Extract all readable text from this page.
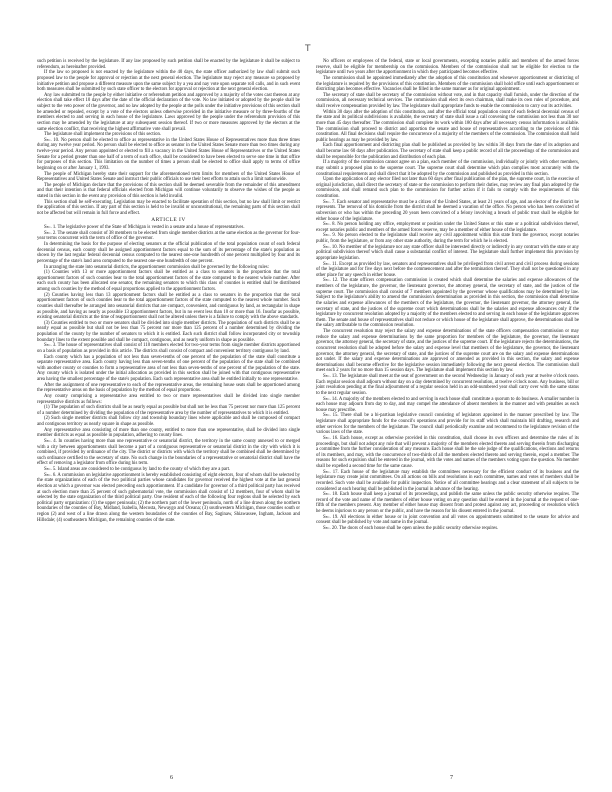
T

such petition is received by the legislature. If any law proposed by such petition shall be enacted by the legislature it shall be subject to referendum, as hereinafter provided.

If the law so proposed is not enacted by the legislature within the 40 days, the state officer authorized by law shall submit such proposed law to the people for approval or rejection at the next general election. The legislature may reject any measure so proposed by initiative petition and propose a different measure upon the same subject by a yea and nay vote upon separate roll calls, and in such event both measures shall be submitted by such state officer to the electors for approval or rejection at the next general election.

Any law submitted to the people by either initiative or referendum petition and approved by a majority of the votes cast thereon at any election shall take effect 10 days after the date of the official declaration of the vote. No law initiated or adopted by the people shall be subject to the veto power of the governor, and no law adopted by the people at the polls under the initiative provisions of this section shall be amended or repealed, except by a vote of the electors unless otherwise provided in the initiative measure or by three-fourths of the members elected to and serving in each house of the legislature. Laws approved by the people under the referendum provision of this section may be amended by the legislature at any subsequent session thereof. If two or more measures approved by the electors at the same election conflict, that receiving the highest affirmative vote shall prevail.

The legislature shall implement the provisions of this section.

Sec. 10. No person shall be elected to office as representative in the United States House of Representatives more than three times during any twelve year period. No person shall be elected to office as senator in the United States Senate more than two times during any twelve-year period. Any person appointed or elected to fill a vacancy in the United States House of Representatives or the United States Senate for a period greater than one half of a term of such office, shall be considered to have been elected to serve one time in that office for purposes of this section. This limitation on the number of times a person shall be elected to office shall apply to terms of office beginning on or after January 1, 1993.

The people of Michigan hereby state their support for the aforementioned term limits for members of the United States House of Representatives and United States Senate and instruct their public officials to use their best efforts to attain such a limit nationwide.

The people of Michigan declare that the provisions of this section shall be deemed severable from the remainder of this amendment and that their intention is that federal officials elected from Michigan will continue voluntarily to observe the wishes of the people as stated in this section in the event any provision of this section is held invalid.

This section shall be self-executing. Legislation may be enacted to facilitate operation of this section, but no law shall limit or restrict the application of this section. If any part of this section is held to be invalid or unconstitutional, the remaining parts of this section shall not be affected but will remain in full force and effect.

ARTICLE IV

Sec. 1. The legislative power of the State of Michigan is vested in a senate and a house of representatives.

Sec. 2. The senate shall consist of 38 members to be elected from single member districts at the same election as the governor for four-year terms concurrent with the term of office of the governor.

In determining the basis for the purpose of electing senators at the official publication of the total population count of each federal decennial census, each county shall be assigned apportionment factors equal to the sum of its percentage of the state's population as shown by the last regular federal decennial census computed to the nearest one-one hundredth of one percent multiplied by four and its percentage of the state's land area computed to the nearest one-one hundredth of one percent.

In arranging the state into senatorial districts, the apportionment commission shall be governed by the following rules:

(1) Counties with 13 or more apportionment factors shall be entitled as a class to senators in the proportion that the total apportionment factors of such counties bear to the total apportionment factors of the state computed to the nearest whole number. After each such county has been allocated one senator, the remaining senators to which this class of counties is entitled shall be distributed among such counties by the method of equal proportions applied to the apportionment factors.

(2) Counties having less than 13 apportionment factors shall be entitled as a class to senators in the proportion that the total apportionment factors of such counties bear to the total apportionment factors of the state computed to the nearest whole number. Such counties shall thereafter be arranged into senatorial districts that are compact, convenient, and contiguous by land, as rectangular in shape as possible, and having as nearly as possible 13 apportionment factors, but in no event less than 10 or more than 16. Insofar as possible, existing senatorial districts at the time of reapportionment shall not be altered unless there is a failure to comply with the above standards.

(3) Counties entitled to two or more senators shall be divided into single member districts. The population of such districts shall be as nearly equal as possible but shall not be less than 75 percent nor more than 125 percent of a number determined by dividing the population of the county by the number of senators to which it is entitled. Each such district shall follow incorporated city or township boundary lines to the extent possible and shall be compact, contiguous, and as nearly uniform in shape as possible.

Sec. 3. The house of representatives shall consist of 110 members elected for two-year terms from single member districts apportioned on a basis of population as provided in this article. The districts shall consist of compact and convenient territory contiguous by land.

Each county which has a population of not less than seven-tenths of one percent of the population of the state shall constitute a separate representative area. Each county having less than seven-tenths of one percent of the population of the state shall be combined with another county or counties to form a representative area of not less than seven-tenths of one percent of the population of the state. Any county which is isolated under the initial allocation as provided in this section shall be joined with that contiguous representative area having the smallest percentage of the state's population. Each such representative area shall be entitled initially to one representative.

After the assignment of one representative to each of the representative areas, the remaining house seats shall be apportioned among the representative areas on the basis of population by the method of equal proportions.

Any county comprising a representative area entitled to two or more representatives shall be divided into single member representative districts as follows:

(1) The population of such districts shall be as nearly equal as possible but shall not be less than 75 percent nor more than 125 percent of a number determined by dividing the population of the representative area by the number of representatives to which it is entitled.

(2) Such single member districts shall follow city and township boundary lines where applicable and shall be composed of compact and contiguous territory as nearly square in shape as possible.

Any representative area consisting of more than one county, entitled to more than one representative, shall be divided into single member districts as equal as possible in population, adhering to county lines.

Sec. 4. In counties having more than one representative or senatorial district, the territory in the same county annexed to or merged with a city between apportionments shall become a part of a contiguous representative or senatorial district in the city with which it is combined, if provided by ordinance of the city. The district or districts with which the territory shall be combined shall be determined by such ordinance certified to the secretary of state. No such change in the boundaries of a representative or senatorial district shall have the effect of removing a legislator from office during his term.

Sec. 5. Island areas are considered to be contiguous by land to the county of which they are a part.

Sec. 6. A commission on legislative apportionment is hereby established consisting of eight electors, four of whom shall be selected by the state organizations of each of the two political parties whose candidates for governor received the highest vote at the last general election at which a governor was elected preceding each apportionment. If a candidate for governor of a third political party has received at such election more than 25 percent of such gubernatorial vote, the commission shall consist of 12 members, four of whom shall be selected by the state organization of the third political party. One resident of each of the following four regions shall be selected by each political party organization: (1) the upper peninsula; (2) the northern part of the lower peninsula, north of a line drawn along the northern boundaries of the counties of Bay, Midland, Isabella, Mecosta, Newaygo and Oceana; (3) southwestern Michigan, those counties south or region (2) and west of a line drawn along the western boundaries of the counties of Bay, Saginaw, Shiawassee, Ingham, Jackson and Hillsdale; (4) southeastern Michigan, the remaining counties of the state.

No officers or employees of the federal, state or local governments, excepting notaries public and members of the armed forces reserve, shall be eligible for membership on the commission. Members of the commission shall not be eligible for election to the legislature until two years after the apportionment in which they participated becomes effective.

The commission shall be appointed immediately after the adoption of this constitution and whenever apportionment or districting of the legislature is required by the provisions of this constitution. Members of the commission shall hold office until each apportionment or districting plan becomes effective. Vacancies shall be filled in the same manner as for original appointment.

The secretary of state shall be secretary of the commission without vote, and in that capacity shall furnish, under the direction of the commission, all necessary technical services. The commission shall elect its own chairman, shall make its own rules of procedure, and shall receive compensation provided by law. The legislature shall appropriate funds to enable the commission to carry out its activities.

Within 30 days after the adoption of this constitution, and after the official total population count of each federal decennial census of the state and its political subdivisions is available, the secretary of state shall issue a call convening the commission not less than 30 nor more than 45 days thereafter. The commission shall complete its work within 180 days after all necessary census information is available. The commission shall proceed to district and apportion the senate and house of representatives according to the provisions of this constitution. All final decisions shall require the concurrence of a majority of the members of the commission. The commission shall hold public hearings as may be provided by law.

Each final apportionment and districting plan shall be published as provided by law within 30 days from the date of its adoption and shall become law 60 days after publication. The secretary of state shall keep a public record of all the proceedings of the commission and shall be responsible for the publication and distribution of each plan.

If a majority of the commission cannot agree on a plan, each member of the commission, individually or jointly with other members, may submit a proposed plan to the supreme court. The supreme court shall determine which plan complies most accurately with the constitutional requirements and shall direct that it be adopted by the commission and published as provided in this section.

Upon the application of any elector filed not later than 60 days after final publication of the plan, the supreme court, in the exercise of original jurisdiction, shall direct the secretary of state or the commission to perform their duties, may review any final plan adopted by the commission, and shall remand such plan to the commission for further action if it fails to comply with the requirements of this constitution.

Sec. 7. Each senator and representative must be a citizen of the United States, at least 21 years of age, and an elector of the district he represents. The removal of his domicile from the district shall be deemed a vacation of the office. No person who has been convicted of subversion or who has within the preceding 20 years been convicted of a felony involving a breach of public trust shall be eligible for either house of the legislature.

Sec. 8. No person holding any office, employment or position under the United States or this state or a political subdivision thereof, except notaries public and members of the armed forces reserve, may be a member of either house of the legislature.

Sec. 9. No person elected to the legislature shall receive any civil appointment within this state from the governor, except notaries public, from the legislature, or from any other state authority, during the term for which he is elected.

Sec. 10. No member of the legislature nor any state officer shall be interested directly or indirectly in any contract with the state or any political subdivision thereof which shall cause a substantial conflict of interest. The legislature shall further implement this provision by appropriate legislation.

Sec. 11. Except as provided by law, senators and representatives shall be privileged from civil arrest and civil process during sessions of the legislature and for five days next before the commencement and after the termination thereof. They shall not be questioned in any other place for any speech in either house.

Sec. 12. The state officers compensation commission is created which shall determine the salaries and expense allowances of the members of the legislature, the governor, the lieutenant governor, the attorney general, the secretary of state, and the justices of the supreme court. The commission shall consist of 7 members appointed by the governor whose qualifications may be determined by law. Subject to the legislature's ability to amend the commission's determination as provided in this section, the commission shall determine the salaries and expense allowances of the members of the legislature, the governor, the lieutenant governor, the attorney general, the secretary of state, and the justices of the supreme court which determinations shall be the salaries and expense allowances only if the legislature by concurrent resolution adopted by a majority of the members elected to and serving in each house of the legislature approves them. The senate and house of representatives shall not reduce or which house of the legislature shall approve, the determinations shall be the salary attributable to the commission resolution.

The concurrent resolution may reject the salary and expense determinations of the state officers compensation commission or may reduce the salary and expense determinations by the same proportion for members of the legislature, the governor, the lieutenant governor, the attorney general, the secretary of state, and the justices of the supreme court. If the legislature rejects the determinations, the concurrent resolution shall be adopted before the salary and expense level that members of the legislature, the governor, the lieutenant governor, the attorney general, the secretary of state, and the justices of the supreme court are on the salary and expense determinations not under. If the salary and expense determinations are approved or amended as provided in this section, the salary and expense determinations shall become effective for the legislative session immediately following the next general election. The commission shall meet each 2 years for no more than 15 session days. The legislature shall implement this section by law.

Sec. 13. The legislature shall meet at the seat of government on the second Wednesday in January of each year at twelve o'clock noon. Each regular session shall adjourn without day on a day determined by concurrent resolution, at twelve o'clock noon. Any business, bill or joint resolution pending at the final adjournment of a regular session held in an odd-numbered year shall carry over with the same status to the next regular session.

Sec. 14. A majority of the members elected to and serving in each house shall constitute a quorum to do business. A smaller number in each house may adjourn from day to day, and may compel the attendance of absent members in the manner and with penalties as each house may prescribe.

Sec. 15. There shall be a bi-partisan legislative council consisting of legislators appointed in the manner prescribed by law. The legislature shall appropriate funds for the council's operations and provide for its staff which shall maintain bill drafting, research and other services for the members of the legislature. The council shall periodically examine and recommend to the legislature revision of the various laws of the state.

Sec. 16. Each house, except as otherwise provided in this constitution, shall choose its own officers and determine the rules of its proceedings, but shall not adopt any rule that will prevent a majority of the members elected thereto and serving therein from discharging a committee from the further consideration of any measure. Each house shall be the sole judge of the qualifications, elections and returns of its members, and may, with the concurrence of two-thirds of all the members elected thereto and serving therein, expel a member. The reasons for such expulsion shall be entered in the journal, with the votes and names of the members voting upon the question. No member shall be expelled a second time for the same cause.

Sec. 17. Each house of the legislature may establish the committees necessary for the efficient conduct of its business and the legislature may create joint committees. On all actions on bills and resolutions in each committee, names and votes of members shall be recorded. Such vote shall be available for public inspection. Notice of all committee hearings and a clear statement of all subjects to be considered at each hearing shall be published in the journal in advance of the hearing.

Sec. 18. Each house shall keep a journal of its proceedings, and publish the same unless the public security otherwise requires. The record of the vote and name of the members of either house voting on any question shall be entered in the journal at the request of one-fifth of the members present. Any member of either house may dissent from and protest against any act, proceeding or resolution which he deems injurious to any person or the public, and have the reason for his dissent entered in the journal.

Sec. 19. All elections in either house or in joint convention and all votes on appointments submitted to the senate for advice and consent shall be published by vote and name in the journal.

Sec. 20. The doors of each house shall be open unless the public security otherwise requires.

6	7
